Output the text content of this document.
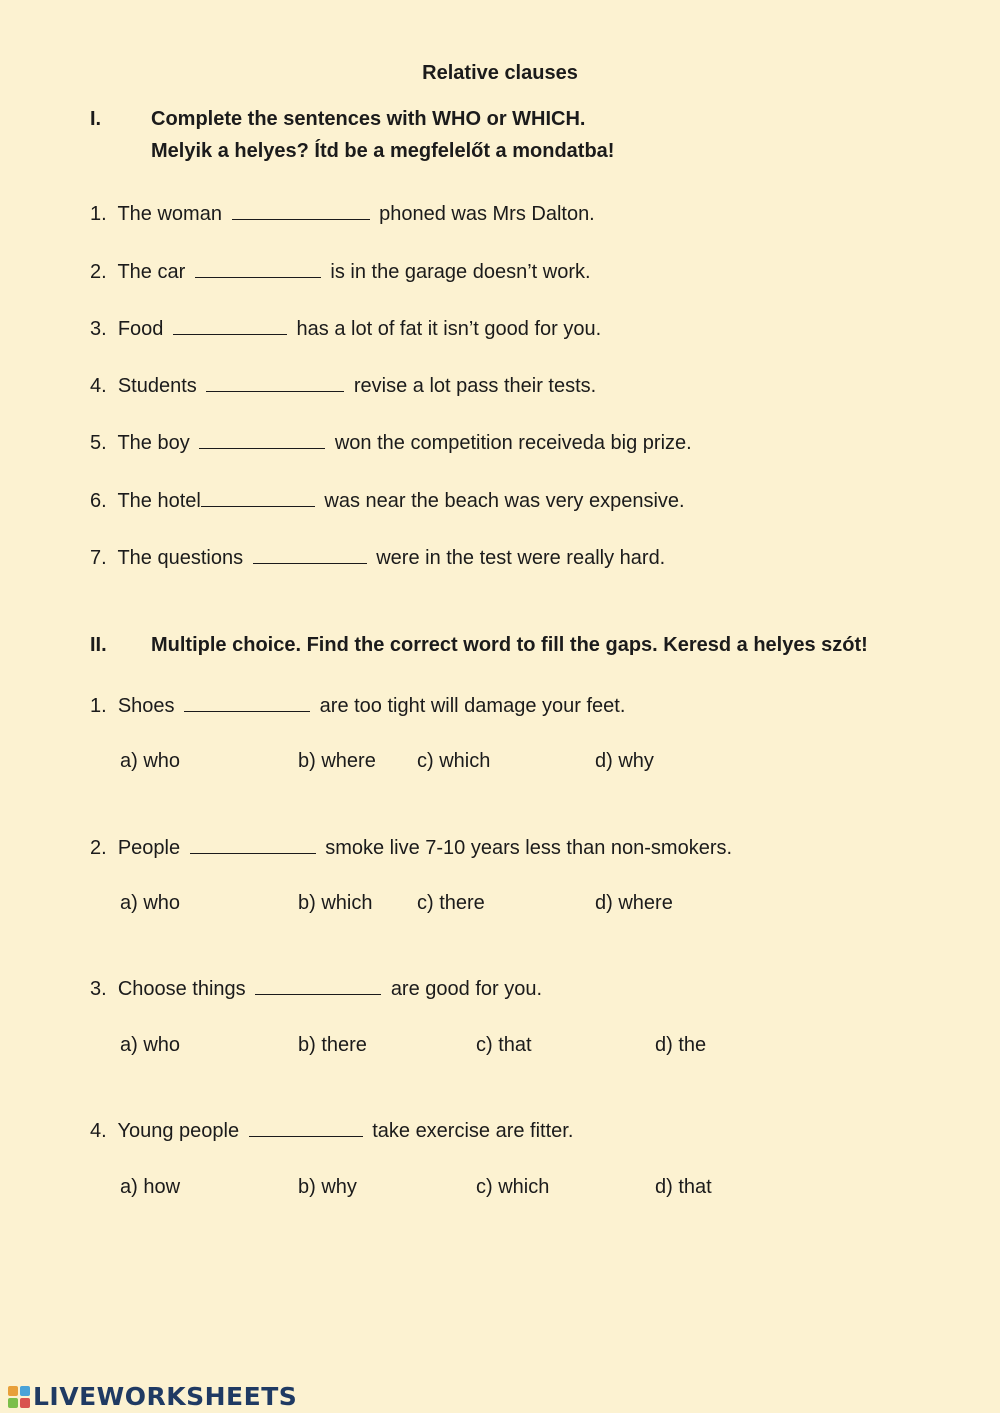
Relative clauses
I. Complete the sentences with WHO or WHICH.
Melyik a helyes? Ítd be a megfelelőt a mondatba!
1. The woman	phoned was Mrs Dalton.
2. The car	is in the garage doesn’t work.
3. Food	has a lot of fat it isn’t good for you.
4. Students	revise a lot pass their tests.
5. The boy	won the competition receiveda big prize.
6. The hotel	was near the beach was very expensive.
7. The questions	were in the test were really hard.
II. Multiple choice. Find the correct word to fill the gaps. Keresd a helyes szót!
1. Shoes	are too tight will damage your feet.
a) who	b) where c) which	d) why
2. People	smoke live 7-10 years less than non-smokers.
a) who	b) which c) there	d) where
3. Choose things	are good for you.
a) who	b) there	c) that	d) the
4. Young people	take exercise are fitter.
a) how	b) why	c) which	d) that
LIVEWORKSHEETS
